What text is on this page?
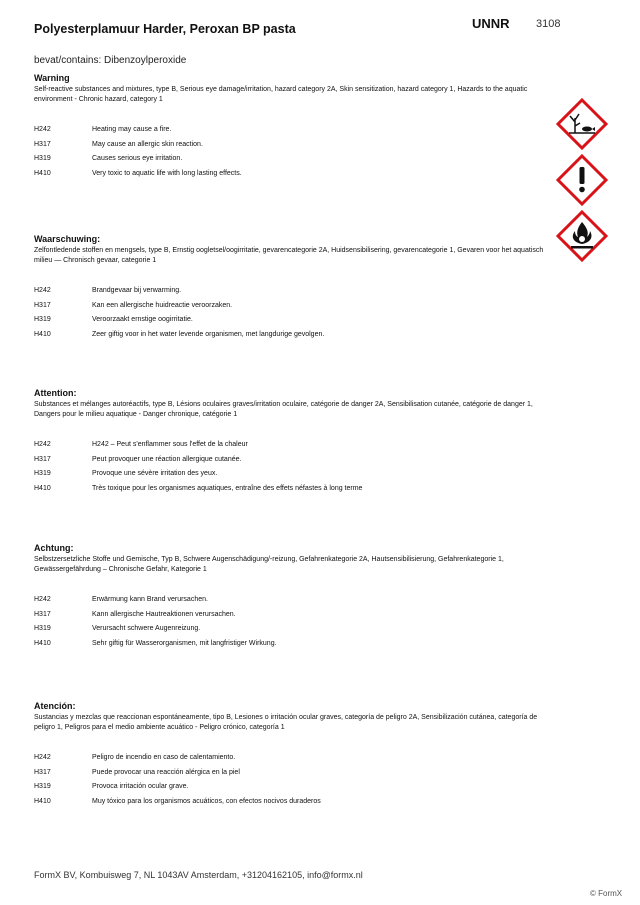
Polyesterplamuur Harder, Peroxan BP pasta	UNNR 3108
bevat/contains: Dibenzoylperoxide
Warning

Self-reactive substances and mixtures, type B, Serious eye damage/irritation, hazard category 2A, Skin sensitization, hazard category 1, Hazards to the aquatic environment - Chronic hazard, category 1

H242	Heating may cause a fire.
H317	May cause an allergic skin reaction.
H319	Causes serious eye irritation.
H410	Very toxic to aquatic life with long lasting effects.
Waarschuwing:

Zelfontledende stoffen en mengsels, type B, Ernstig oogletsel/oogirritatie, gevarencategorie 2A, Huidsensibilisering, gevarencategorie 1, Gevaren voor het aquatisch milieu — Chronisch gevaar, categorie 1

H242	Brandgevaar bij verwarming.
H317	Kan een allergische huidreactie veroorzaken.
H319	Veroorzaakt ernstige oogirritatie.
H410	Zeer giftig voor in het water levende organismen, met langdurige gevolgen.
Attention:

Substances et mélanges autoréactifs, type B, Lésions oculaires graves/irritation oculaire, catégorie de danger 2A, Sensibilisation cutanée, catégorie de danger 1, Dangers pour le milieu aquatique - Danger chronique, catégorie 1

H242	H242 – Peut s'enflammer sous l'effet de la chaleur
H317	Peut provoquer une réaction allergique cutanée.
H319	Provoque une sévère irritation des yeux.
H410	Très toxique pour les organismes aquatiques, entraîne des effets néfastes à long terme
Achtung:

Selbstzersetzliche Stoffe und Gemische, Typ B, Schwere Augenschädigung/-reizung, Gefahrenkategorie 2A, Hautsensibilisierung, Gefahrenkategorie 1, Gewässergefährdung – Chronische Gefahr, Kategorie 1

H242	Erwärmung kann Brand verursachen.
H317	Kann allergische Hautreaktionen verursachen.
H319	Verursacht schwere Augenreizung.
H410	Sehr giftig für Wasserorganismen, mit langfristiger Wirkung.
Atención:

Sustancias y mezclas que reaccionan espontáneamente, tipo B, Lesiones o irritación ocular graves, categoría de peligro 2A, Sensibilización cutánea, categoría de peligro 1, Peligros para el medio ambiente acuático - Peligro crónico, categoría 1

H242	Peligro de incendio en caso de calentamiento.
H317	Puede provocar una reacción alérgica en la piel
H319	Provoca irritación ocular grave.
H410	Muy tóxico para los organismos acuáticos, con efectos nocivos duraderos
FormX BV, Kombuisweg 7, NL 1043AV Amsterdam, +31204162105, info@formx.nl
© FormX
